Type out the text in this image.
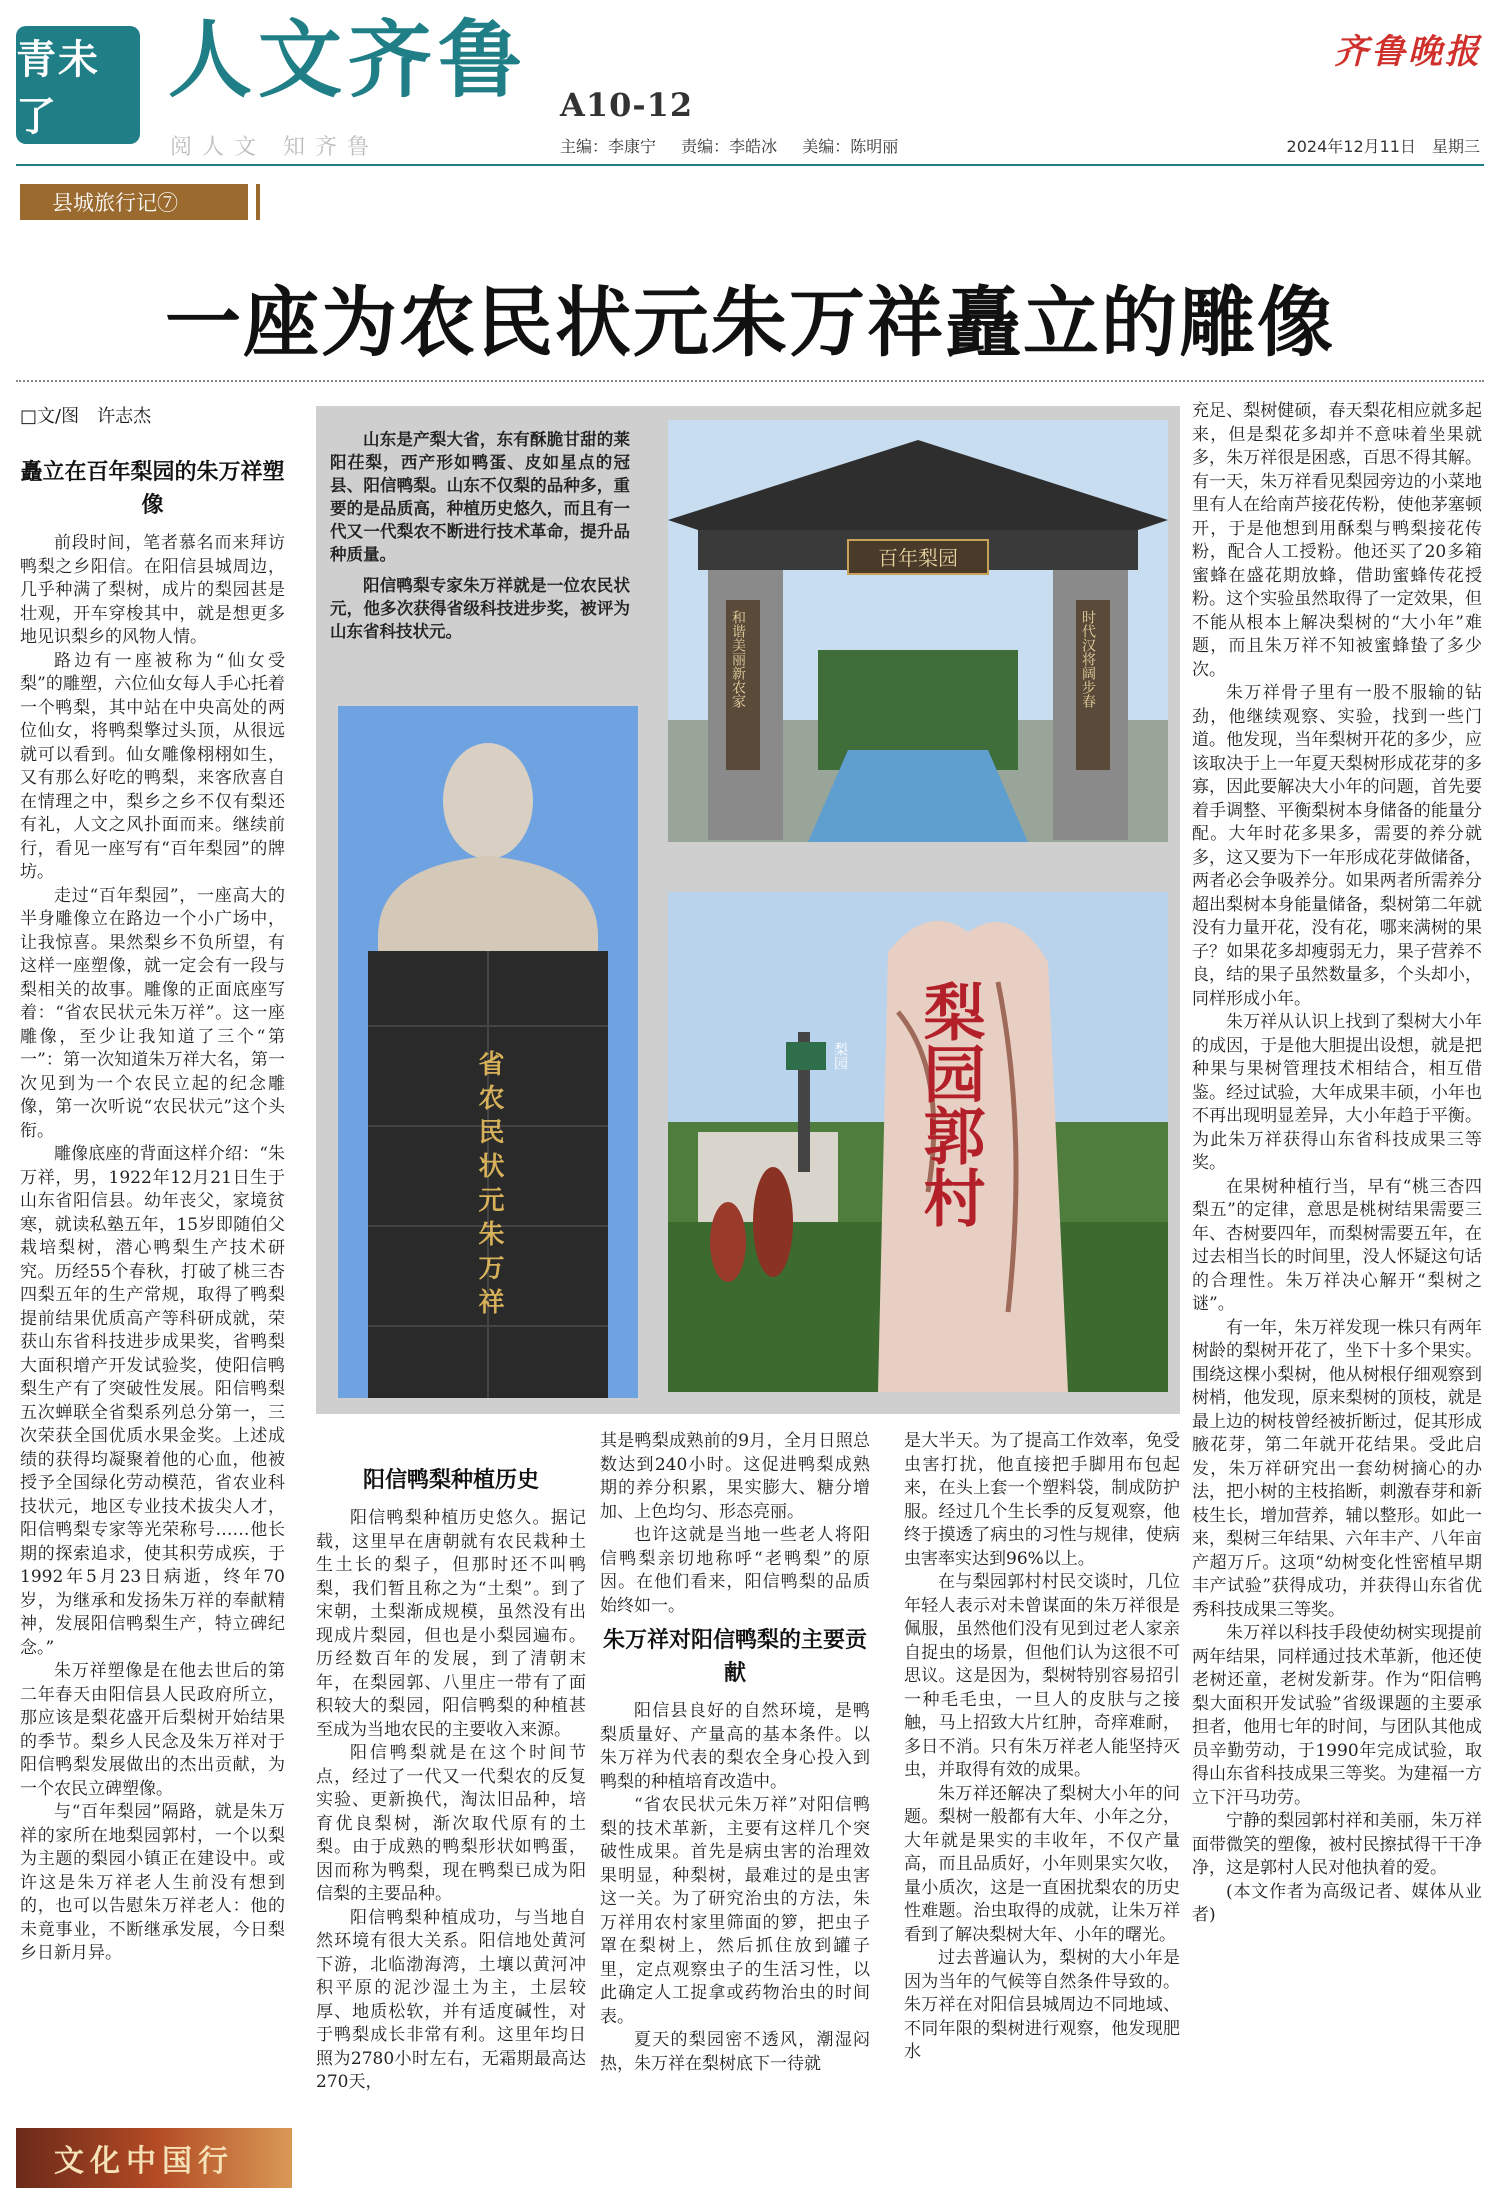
青未了
人文齐鲁 A10-12
齐鲁晚报
阅人文 知齐鲁	主编：李康宁 责编：李皓冰 美编：陈明丽	2024年12月11日　星期三
县城旅行记⑦
一座为农民状元朱万祥矗立的雕像
□文/图　许志杰
矗立在百年梨园的朱万祥塑像

前段时间，笔者慕名而来拜访鸭梨之乡阳信。在阳信县城周边，几乎种满了梨树，成片的梨园甚是壮观，开车穿梭其中，就是想更多地见识梨乡的风物人情。

路边有一座被称为“仙女受梨”的雕塑，六位仙女每人手心托着一个鸭梨，其中站在中央高处的两位仙女，将鸭梨擎过头顶，从很远就可以看到。仙女雕像栩栩如生，又有那么好吃的鸭梨，来客欣喜自在情理之中，梨乡之乡不仅有梨还有礼，人文之风扑面而来。继续前行，看见一座写有“百年梨园”的牌坊。

走过“百年梨园”，一座高大的半身雕像立在路边一个小广场中，让我惊喜。果然梨乡不负所望，有这样一座塑像，就一定会有一段与梨相关的故事。雕像的正面底座写着：“省农民状元朱万祥”。这一座雕像，至少让我知道了三个“第一”：第一次知道朱万祥大名，第一次见到为一个农民立起的纪念雕像，第一次听说“农民状元”这个头衔。

雕像底座的背面这样介绍：“朱万祥，男，1922年12月21日生于山东省阳信县。幼年丧父，家境贫寒，就读私塾五年，15岁即随伯父栽培梨树，潜心鸭梨生产技术研究。历经55个春秋，打破了桃三杏四梨五年的生产常规，取得了鸭梨提前结果优质高产等科研成就，荣获山东省科技进步成果奖，省鸭梨大面积增产开发试验奖，使阳信鸭梨生产有了突破性发展。阳信鸭梨五次蝉联全省梨系列总分第一，三次荣获全国优质水果金奖。上述成绩的获得均凝聚着他的心血，他被授予全国绿化劳动模范，省农业科技状元，地区专业技术拔尖人才，阳信鸭梨专家等光荣称号……他长期的探索追求，使其积劳成疾，于1992年5月23日病逝，终年70岁，为继承和发扬朱万祥的奉献精神，发展阳信鸭梨生产，特立碑纪念。”

朱万祥塑像是在他去世后的第二年春天由阳信县人民政府所立，那应该是梨花盛开后梨树开始结果的季节。梨乡人民念及朱万祥对于阳信鸭梨发展做出的杰出贡献，为一个农民立碑塑像。

与“百年梨园”隔路，就是朱万祥的家所在地梨园郭村，一个以梨为主题的梨园小镇正在建设中。或许这是朱万祥老人生前没有想到的，也可以告慰朱万祥老人：他的未竟事业，不断继承发展，今日梨乡日新月异。

山东是产梨大省，东有酥脆甘甜的莱阳茌梨，西产形如鸭蛋、皮如星点的冠县、阳信鸭梨。山东不仅梨的品种多，重要的是品质高，种植历史悠久，而且有一代又一代梨农不断进行技术革命，提升品种质量。

阳信鸭梨专家朱万祥就是一位农民状元，他多次获得省级科技进步奖，被评为山东省科技状元。

百年梨园
和谐美丽新农家	时代汉将阔步春
省农民状元朱万祥	梨园 梨园郭村
阳信鸭梨种植历史

阳信鸭梨种植历史悠久。据记载，这里早在唐朝就有农民栽种土生土长的梨子，但那时还不叫鸭梨，我们暂且称之为“土梨”。到了宋朝，土梨渐成规模，虽然没有出现成片梨园，但也是小梨园遍布。历经数百年的发展，到了清朝末年，在梨园郭、八里庄一带有了面积较大的梨园，阳信鸭梨的种植甚至成为当地农民的主要收入来源。

阳信鸭梨就是在这个时间节点，经过了一代又一代梨农的反复实验、更新换代，淘汰旧品种，培育优良梨树，渐次取代原有的土梨。由于成熟的鸭梨形状如鸭蛋，因而称为鸭梨，现在鸭梨已成为阳信梨的主要品种。

阳信鸭梨种植成功，与当地自然环境有很大关系。阳信地处黄河下游，北临渤海湾，土壤以黄河冲积平原的泥沙湿土为主，土层较厚、地质松软，并有适度碱性，对于鸭梨成长非常有利。这里年均日照为2780小时左右，无霜期最高达270天，

其是鸭梨成熟前的9月，全月日照总数达到240小时。这促进鸭梨成熟期的养分积累，果实膨大、糖分增加、上色均匀、形态亮丽。

也许这就是当地一些老人将阳信鸭梨亲切地称呼“老鸭梨”的原因。在他们看来，阳信鸭梨的品质始终如一。

朱万祥对阳信鸭梨的主要贡献

阳信县良好的自然环境，是鸭梨质量好、产量高的基本条件。以朱万祥为代表的梨农全身心投入到鸭梨的种植培育改造中。

“省农民状元朱万祥”对阳信鸭梨的技术革新，主要有这样几个突破性成果。首先是病虫害的治理效果明显，种梨树，最难过的是虫害这一关。为了研究治虫的方法，朱万祥用农村家里筛面的箩，把虫子罩在梨树上，然后抓住放到罐子里，定点观察虫子的生活习性，以此确定人工捉拿或药物治虫的时间表。

夏天的梨园密不透风，潮湿闷热，朱万祥在梨树底下一待就

是大半天。为了提高工作效率，免受虫害打扰，他直接把手脚用布包起来，在头上套一个塑料袋，制成防护服。经过几个生长季的反复观察，他终于摸透了病虫的习性与规律，使病虫害率实达到96%以上。

在与梨园郭村村民交谈时，几位年轻人表示对未曾谋面的朱万祥很是佩服，虽然他们没有见到过老人家亲自捉虫的场景，但他们认为这很不可思议。这是因为，梨树特别容易招引一种毛毛虫，一旦人的皮肤与之接触，马上招致大片红肿，奇痒难耐，多日不消。只有朱万祥老人能坚持灭虫，并取得有效的成果。

朱万祥还解决了梨树大小年的问题。梨树一般都有大年、小年之分，大年就是果实的丰收年，不仅产量高，而且品质好，小年则果实欠收，量小质次，这是一直困扰梨农的历史性难题。治虫取得的成就，让朱万祥看到了解决梨树大年、小年的曙光。

过去普遍认为，梨树的大小年是因为当年的气候等自然条件导致的。朱万祥在对阳信县城周边不同地域、不同年限的梨树进行观察，他发现肥水

充足、梨树健硕，春天梨花相应就多起来，但是梨花多却并不意味着坐果就多，朱万祥很是困惑，百思不得其解。有一天，朱万祥看见梨园旁边的小菜地里有人在给南芦接花传粉，使他茅塞顿开，于是他想到用酥梨与鸭梨接花传粉，配合人工授粉。他还买了20多箱蜜蜂在盛花期放蜂，借助蜜蜂传花授粉。这个实验虽然取得了一定效果，但不能从根本上解决梨树的“大小年”难题，而且朱万祥不知被蜜蜂蛰了多少次。

朱万祥骨子里有一股不服输的钻劲，他继续观察、实验，找到一些门道。他发现，当年梨树开花的多少，应该取决于上一年夏天梨树形成花芽的多寡，因此要解决大小年的问题，首先要着手调整、平衡梨树本身储备的能量分配。大年时花多果多，需要的养分就多，这又要为下一年形成花芽做储备，两者必会争吸养分。如果两者所需养分超出梨树本身能量储备，梨树第二年就没有力量开花，没有花，哪来满树的果子？如果花多却瘦弱无力，果子营养不良，结的果子虽然数量多，个头却小，同样形成小年。

朱万祥从认识上找到了梨树大小年的成因，于是他大胆提出设想，就是把种果与果树管理技术相结合，相互借鉴。经过试验，大年成果丰硕，小年也不再出现明显差异，大小年趋于平衡。为此朱万祥获得山东省科技成果三等奖。

在果树种植行当，早有“桃三杏四梨五”的定律，意思是桃树结果需要三年、杏树要四年，而梨树需要五年，在过去相当长的时间里，没人怀疑这句话的合理性。朱万祥决心解开“梨树之谜”。

有一年，朱万祥发现一株只有两年树龄的梨树开花了，坐下十多个果实。围绕这棵小梨树，他从树根仔细观察到树梢，他发现，原来梨树的顶枝，就是最上边的树枝曾经被折断过，促其形成腋花芽，第二年就开花结果。受此启发，朱万祥研究出一套幼树摘心的办法，把小树的主枝掐断，刺激春芽和新枝生长，增加营养，辅以整形。如此一来，梨树三年结果、六年丰产、八年亩产超万斤。这项“幼树变化性密植早期丰产试验”获得成功，并获得山东省优秀科技成果三等奖。

朱万祥以科技手段使幼树实现提前两年结果，同样通过技术革新，他还使老树还童，老树发新芽。作为“阳信鸭梨大面积开发试验”省级课题的主要承担者，他用七年的时间，与团队其他成员辛勤劳动，于1990年完成试验，取得山东省科技成果三等奖。为建福一方立下汗马功劳。

宁静的梨园郭村祥和美丽，朱万祥面带微笑的塑像，被村民擦拭得干干净净，这是郭村人民对他执着的爱。

(本文作者为高级记者、媒体从业者)

文化中国行
